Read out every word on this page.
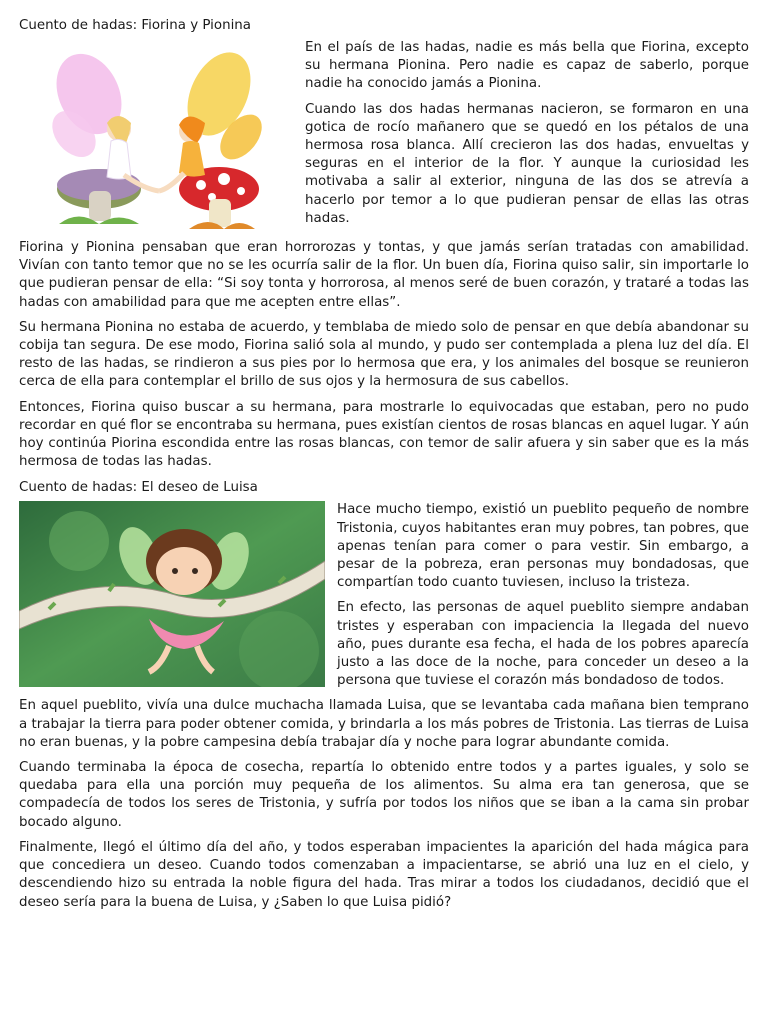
Cuento de hadas: Fiorina y Pionina

En el país de las hadas, nadie es más bella que Fiorina, excepto su hermana Pionina. Pero nadie es capaz de saberlo, porque nadie ha conocido jamás a Pionina.

Cuando las dos hadas hermanas nacieron, se formaron en una gotica de rocío mañanero que se quedó en los pétalos de una hermosa rosa blanca. Allí crecieron las dos hadas, envueltas y seguras en el interior de la flor. Y aunque la curiosidad les motivaba a salir al exterior, ninguna de las dos se atrevía a hacerlo por temor a lo que pudieran pensar de ellas las otras hadas.

Fiorina y Pionina pensaban que eran horrorozas y tontas, y que jamás serían tratadas con amabilidad. Vivían con tanto temor que no se les ocurría salir de la flor. Un buen día, Fiorina quiso salir, sin importarle lo que pudieran pensar de ella: “Si soy tonta y horrorosa, al menos seré de buen corazón, y trataré a todas las hadas con amabilidad para que me acepten entre ellas”.

Su hermana Pionina no estaba de acuerdo, y temblaba de miedo solo de pensar en que debía abandonar su cobija tan segura. De ese modo, Fiorina salió sola al mundo, y pudo ser contemplada a plena luz del día. El resto de las hadas, se rindieron a sus pies por lo hermosa que era, y los animales del bosque se reunieron cerca de ella para contemplar el brillo de sus ojos y la hermosura de sus cabellos.

Entonces, Fiorina quiso buscar a su hermana, para mostrarle lo equivocadas que estaban, pero no pudo recordar en qué flor se encontraba su hermana, pues existían cientos de rosas blancas en aquel lugar. Y aún hoy continúa Piorina escondida entre las rosas blancas, con temor de salir afuera y sin saber que es la más hermosa de todas las hadas.

Cuento de hadas: El deseo de Luisa

Hace mucho tiempo, existió un pueblito pequeño de nombre Tristonia, cuyos habitantes eran muy pobres, tan pobres, que apenas tenían para comer o para vestir. Sin embargo, a pesar de la pobreza, eran personas muy bondadosas, que compartían todo cuanto tuviesen, incluso la tristeza.

En efecto, las personas de aquel pueblito siempre andaban tristes y esperaban con impaciencia la llegada del nuevo año, pues durante esa fecha, el hada de los pobres aparecía justo a las doce de la noche, para conceder un deseo a la persona que tuviese el corazón más bondadoso de todos.

En aquel pueblito, vivía una dulce muchacha llamada Luisa, que se levantaba cada mañana bien temprano a trabajar la tierra para poder obtener comida, y brindarla a los más pobres de Tristonia. Las tierras de Luisa no eran buenas, y la pobre campesina debía trabajar día y noche para lograr abundante comida.

Cuando terminaba la época de cosecha, repartía lo obtenido entre todos y a partes iguales, y solo se quedaba para ella una porción muy pequeña de los alimentos. Su alma era tan generosa, que se compadecía de todos los seres de Tristonia, y sufría por todos los niños que se iban a la cama sin probar bocado alguno.

Finalmente, llegó el último día del año, y todos esperaban impacientes la aparición del hada mágica para que concediera un deseo. Cuando todos comenzaban a impacientarse, se abrió una luz en el cielo, y descendiendo hizo su entrada la noble figura del hada. Tras mirar a todos los ciudadanos, decidió que el deseo sería para la buena de Luisa, y ¿Saben lo que Luisa pidió?
